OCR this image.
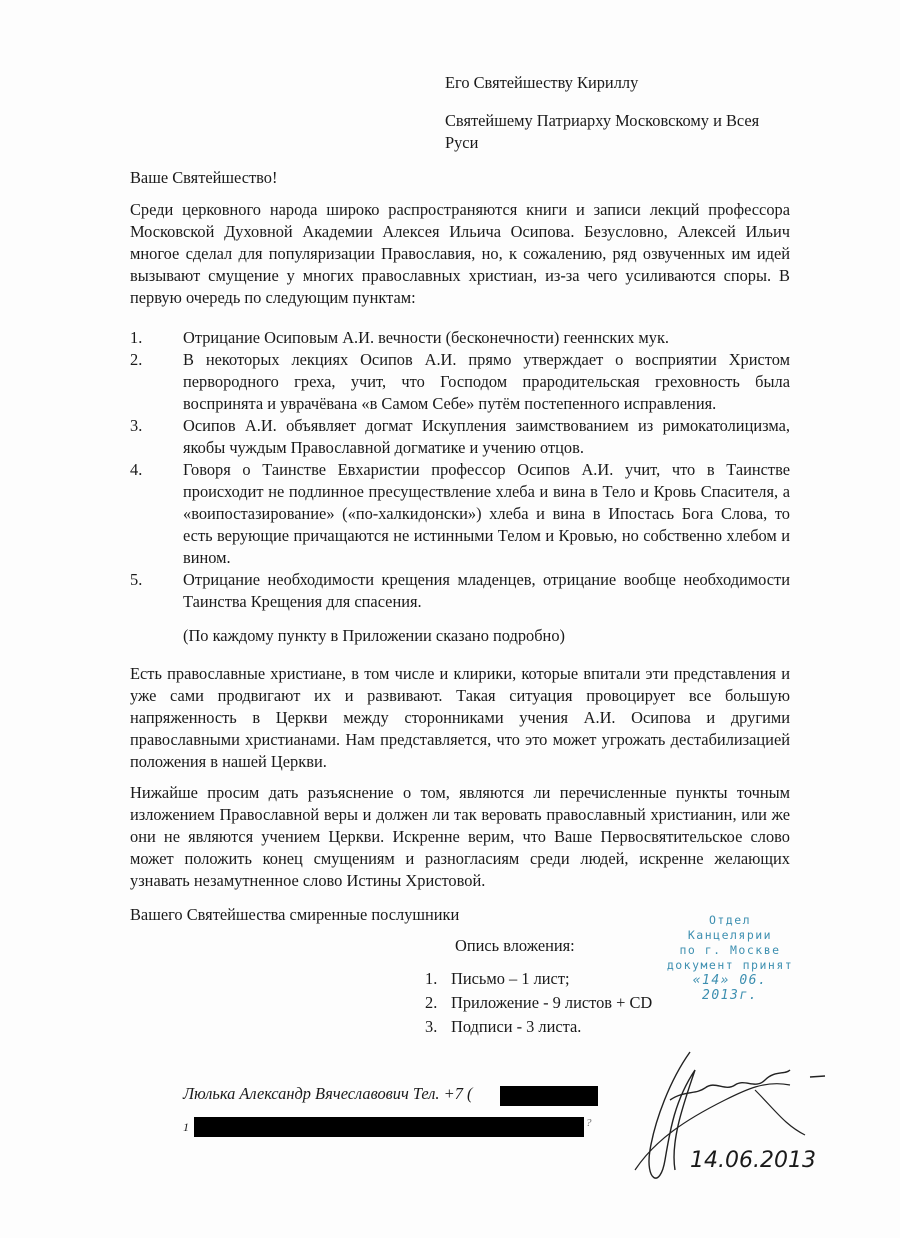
Его Святейшеству Кириллу
Святейшему Патриарху Московскому и Всея Руси
Ваше Святейшество!
Среди церковного народа широко распространяются книги и записи лекций профессора Московской Духовной Академии Алексея Ильича Осипова. Безусловно, Алексей Ильич многое сделал для популяризации Православия, но, к сожалению, ряд озвученных им идей вызывают смущение у многих православных христиан, из-за чего усиливаются споры. В первую очередь по следующим пунктам:
1. Отрицание Осиповым А.И. вечности (бесконечности) гееннских мук.
2. В некоторых лекциях Осипов А.И. прямо утверждает о восприятии Христом первородного греха, учит, что Господом прародительская греховность была воспринята и уврачёвана «в Самом Себе» путём постепенного исправления.
3. Осипов А.И. объявляет догмат Искупления заимствованием из римокатолицизма, якобы чуждым Православной догматике и учению отцов.
4. Говоря о Таинстве Евхаристии профессор Осипов А.И. учит, что в Таинстве происходит не подлинное пресуществление хлеба и вина в Тело и Кровь Спасителя, а «воипостазирование» («по-халкидонски») хлеба и вина в Ипостась Бога Слова, то есть верующие причащаются не истинными Телом и Кровью, но собственно хлебом и вином.
5. Отрицание необходимости крещения младенцев, отрицание вообще необходимости Таинства Крещения для спасения.
(По каждому пункту в Приложении сказано подробно)
Есть православные христиане, в том числе и клирики, которые впитали эти представления и уже сами продвигают их и развивают. Такая ситуация провоцирует все большую напряженность в Церкви между сторонниками учения А.И. Осипова и другими православными христианами. Нам представляется, что это может угрожать дестабилизацией положения в нашей Церкви.
Нижайше просим дать разъяснение о том, являются ли перечисленные пункты точным изложением Православной веры и должен ли так веровать православный христианин, или же они не являются учением Церкви. Искренне верим, что Ваше Первосвятительское слово может положить конец смущениям и разногласиям среди людей, искренне желающих узнавать незамутненное слово Истины Христовой.
Вашего Святейшества смиренные послушники
Опись вложения:
1. Письмо – 1 лист;
2. Приложение - 9 листов + CD
3. Подписи - 3 листа.
Отдел Канцелярии
по г. Москве
документ принят
«14» 06. 2013г.
Люлька Александр Вячеславович Тел. +7 (
1	?
14.06.2013
